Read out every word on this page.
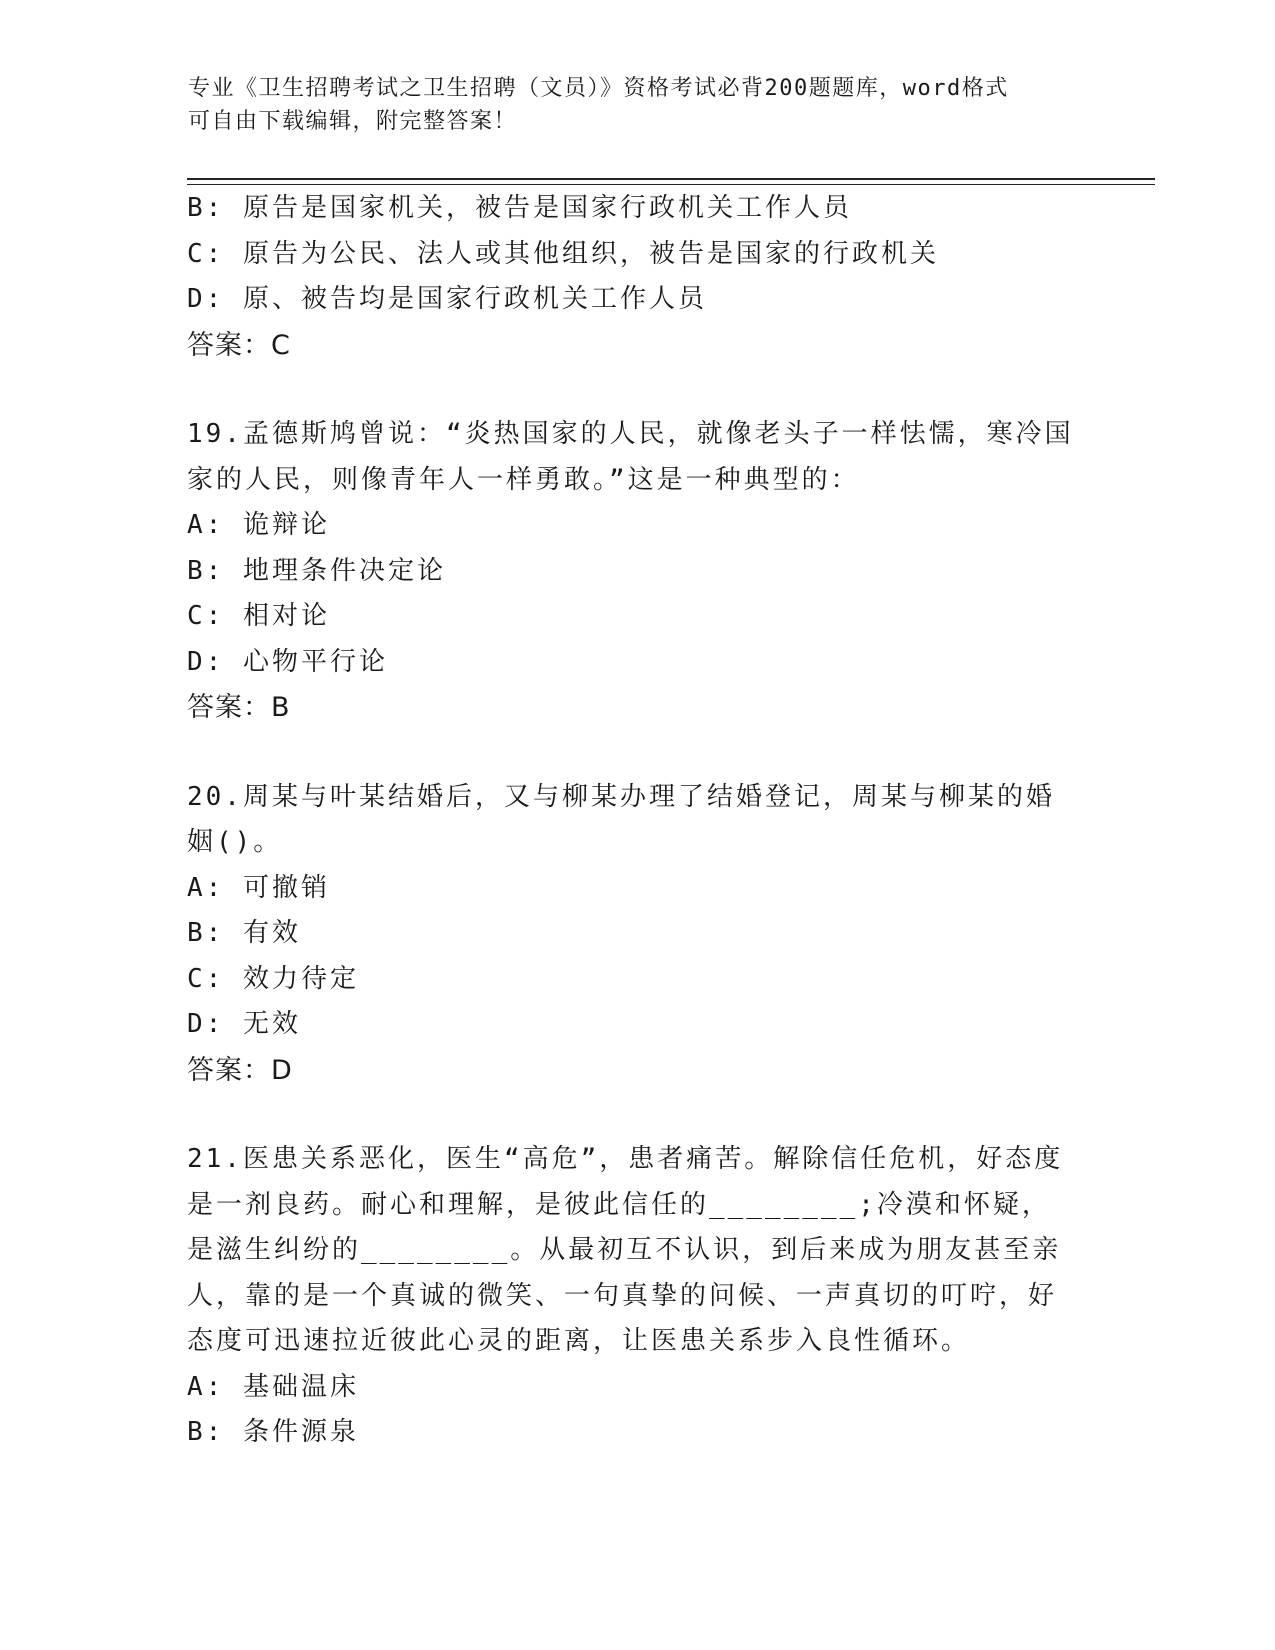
专业《卫生招聘考试之卫生招聘（文员）》资格考试必背200题题库，word格式
可自由下载编辑，附完整答案！
B: 原告是国家机关，被告是国家行政机关工作人员
C: 原告为公民、法人或其他组织，被告是国家的行政机关
D: 原、被告均是国家行政机关工作人员
答案：C
19.孟德斯鸠曾说：“炎热国家的人民，就像老头子一样怯懦，寒冷国家的人民，则像青年人一样勇敢。”这是一种典型的：
A: 诡辩论
B: 地理条件决定论
C: 相对论
D: 心物平行论
答案：B
20.周某与叶某结婚后，又与柳某办理了结婚登记，周某与柳某的婚姻()。
A: 可撤销
B: 有效
C: 效力待定
D: 无效
答案：D
21.医患关系恶化，医生“高危”，患者痛苦。解除信任危机，好态度是一剂良药。耐心和理解，是彼此信任的________;冷漠和怀疑，是滋生纠纷的________。从最初互不认识，到后来成为朋友甚至亲人，靠的是一个真诚的微笑、一句真挚的问候、一声真切的叮咛，好态度可迅速拉近彼此心灵的距离，让医患关系步入良性循环。
A: 基础温床
B: 条件源泉
